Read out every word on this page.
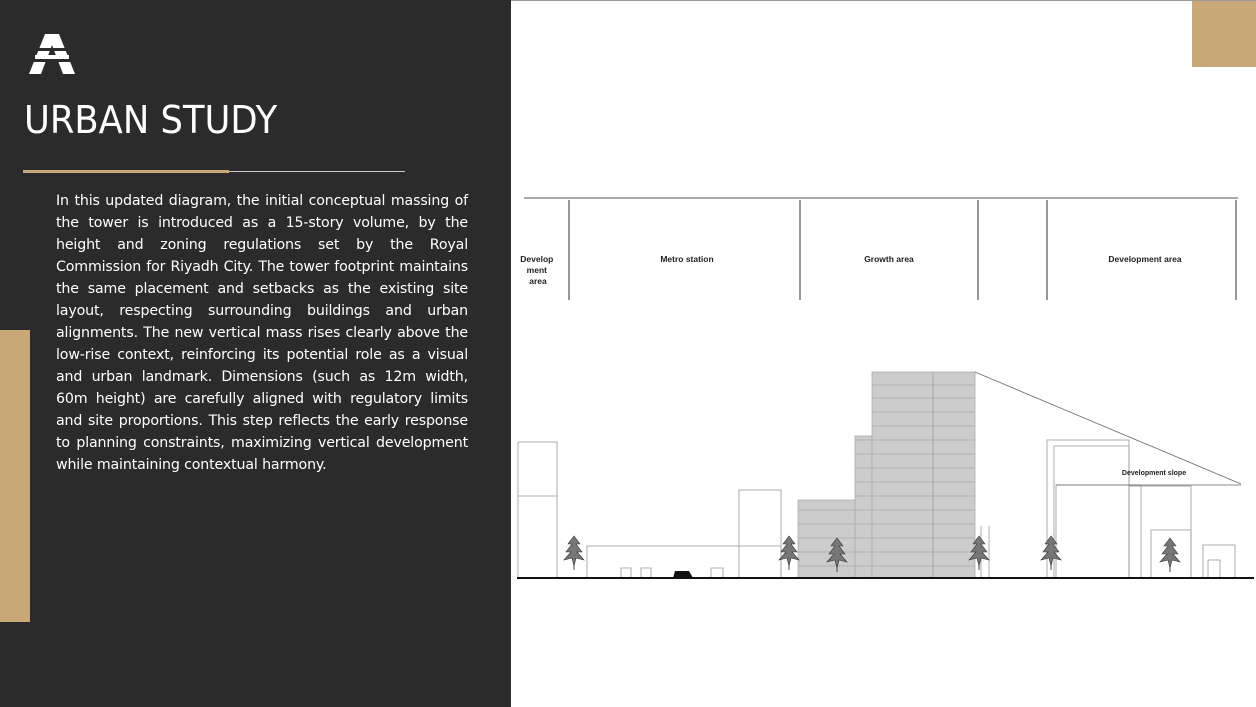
URBAN STUDY

In this updated diagram, the initial conceptual massing of the tower is introduced as a 15-story volume, by the height and zoning regulations set by the Royal Commission for Riyadh City. The tower footprint maintains the same placement and setbacks as the existing site layout, respecting surrounding buildings and urban alignments. The new vertical mass rises clearly above the low-rise context, reinforcing its potential role as a visual and urban landmark. Dimensions (such as 12m width, 60m height) are carefully aligned with regulatory limits and site proportions. This step reflects the early response to planning constraints, maximizing vertical development while maintaining contextual harmony.

Develop ment area
Metro station	Growth area	Development area
Development slope
